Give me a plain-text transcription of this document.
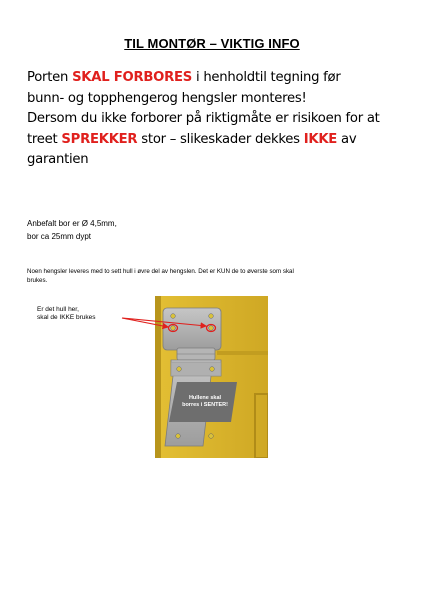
TIL MONTØR – VIKTIG INFO
Porten SKAL FORBORES i henholdtil tegning før
bunn- og topphengerog hengsler monteres!
Dersom du ikke forborer på riktigmåte er risikoen for at
treet SPREKKER stor – slikeskader dekkes IKKE av
garantien
Anbefalt bor er Ø 4,5mm,
bor ca 25mm dypt
Noen hengsler leveres med to sett hull i øvre del av hengslen. Det er KUN de to øverste som skal
brukes.
Hullene skal
borres i SENTER!
Er det hull her,
skal de IKKE brukes
